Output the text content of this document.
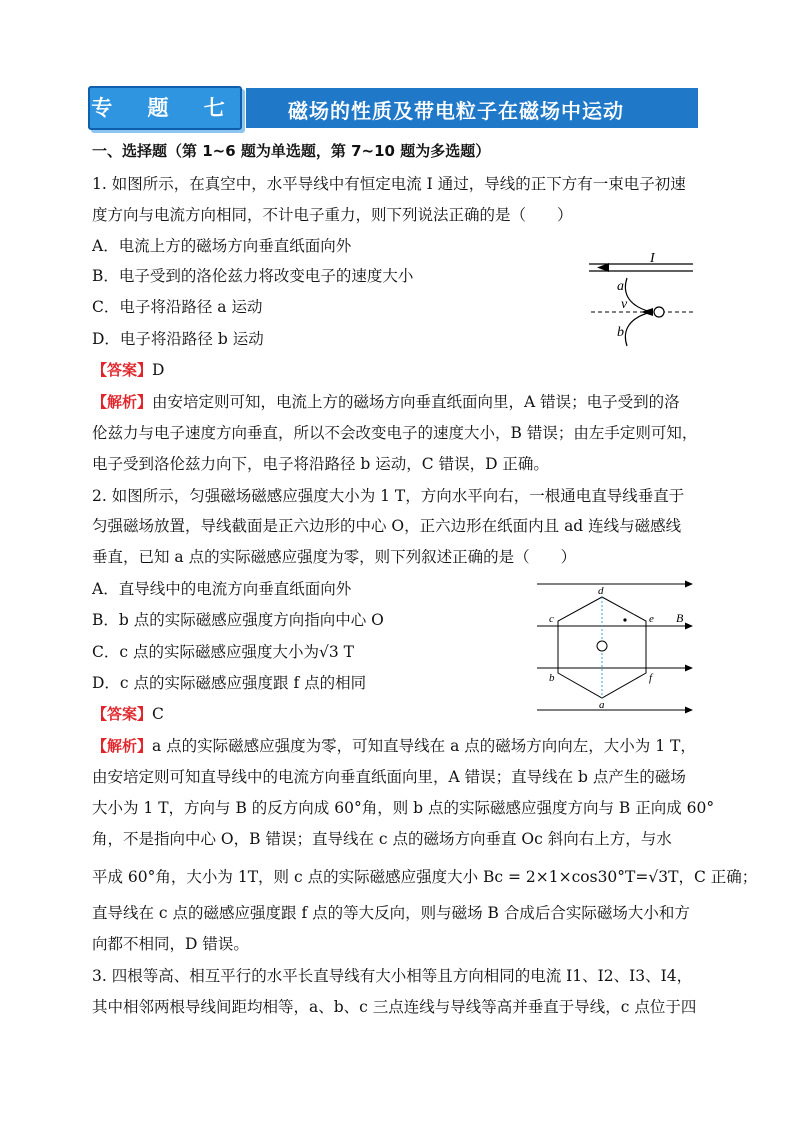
专 题 七 磁场的性质及带电粒子在磁场中运动
一、选择题（第 1~6 题为单选题，第 7~10 题为多选题）
1. 如图所示，在真空中，水平导线中有恒定电流 I 通过，导线的正下方有一束电子初速
度方向与电流方向相同，不计电子重力，则下列说法正确的是（　　）
A．电流上方的磁场方向垂直纸面向外
B．电子受到的洛伦兹力将改变电子的速度大小
C．电子将沿路径 a 运动
D．电子将沿路径 b 运动
【答案】D
【解析】由安培定则可知，电流上方的磁场方向垂直纸面向里，A 错误；电子受到的洛
伦兹力与电子速度方向垂直，所以不会改变电子的速度大小，B 错误；由左手定则可知，
电子受到洛伦兹力向下，电子将沿路径 b 运动，C 错误，D 正确。
I
a
v
b
2. 如图所示，匀强磁场磁感应强度大小为 1 T，方向水平向右，一根通电直导线垂直于
匀强磁场放置，导线截面是正六边形的中心 O，正六边形在纸面内且 ad 连线与磁感线
垂直，已知 a 点的实际磁感应强度为零，则下列叙述正确的是（　　）
A．直导线中的电流方向垂直纸面向外
B．b 点的实际磁感应强度方向指向中心 O
C．c 点的实际磁感应强度大小为√3 T
D．c 点的实际磁感应强度跟 f 点的相同
【答案】C
【解析】a 点的实际磁感应强度为零，可知直导线在 a 点的磁场方向向左，大小为 1 T，
由安培定则可知直导线中的电流方向垂直纸面向里，A 错误；直导线在 b 点产生的磁场
大小为 1 T，方向与 B 的反方向成 60°角，则 b 点的实际磁感应强度方向与 B 正向成 60°
角，不是指向中心 O，B 错误；直导线在 c 点的磁场方向垂直 Oc 斜向右上方，与水
平成 60°角，大小为 1T，则 c 点的实际磁感应强度大小 Bc = 2×1×cos30°T=√3T，C 正确；
直导线在 c 点的磁感应强度跟 f 点的等大反向，则与磁场 B 合成后合实际磁场大小和方
向都不相同，D 错误。
d
c	e B
b	f
a
3. 四根等高、相互平行的水平长直导线有大小相等且方向相同的电流 I1、I2、I3、I4，
其中相邻两根导线间距均相等，a、b、c 三点连线与导线等高并垂直于导线，c 点位于四
